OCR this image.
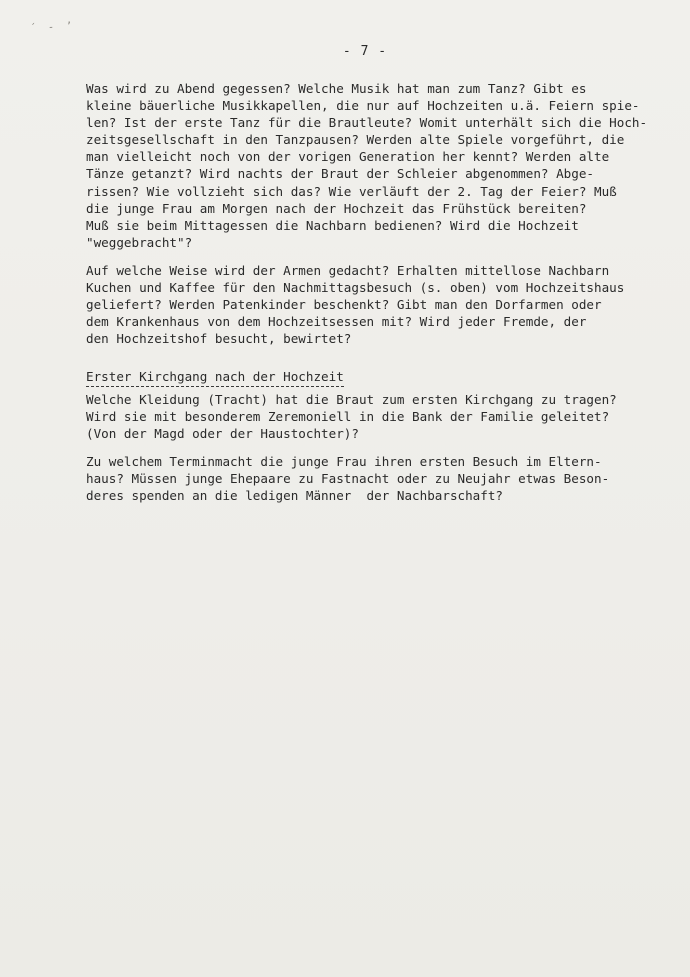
´ - ʼ
- 7 -
Was wird zu Abend gegessen? Welche Musik hat man zum Tanz? Gibt es
kleine bäuerliche Musikkapellen, die nur auf Hochzeiten u.ä. Feiern spie-
len? Ist der erste Tanz für die Brautleute? Womit unterhält sich die Hoch-
zeitsgesellschaft in den Tanzpausen? Werden alte Spiele vorgeführt, die
man vielleicht noch von der vorigen Generation her kennt? Werden alte
Tänze getanzt? Wird nachts der Braut der Schleier abgenommen? Abge-
rissen? Wie vollzieht sich das? Wie verläuft der 2. Tag der Feier? Muß
die junge Frau am Morgen nach der Hochzeit das Frühstück bereiten?
Muß sie beim Mittagessen die Nachbarn bedienen? Wird die Hochzeit
"weggebracht"?
Auf welche Weise wird der Armen gedacht? Erhalten mittellose Nachbarn
Kuchen und Kaffee für den Nachmittagsbesuch (s. oben) vom Hochzeitshaus
geliefert? Werden Patenkinder beschenkt? Gibt man den Dorfarmen oder
dem Krankenhaus von dem Hochzeitsessen mit? Wird jeder Fremde, der
den Hochzeitshof besucht, bewirtet?
Erster Kirchgang nach der Hochzeit
Welche Kleidung (Tracht) hat die Braut zum ersten Kirchgang zu tragen?
Wird sie mit besonderem Zeremoniell in die Bank der Familie geleitet?
(Von der Magd oder der Haustochter)?
Zu welchem Terminmacht die junge Frau ihren ersten Besuch im Eltern-
haus? Müssen junge Ehepaare zu Fastnacht oder zu Neujahr etwas Beson-
deres spenden an die ledigen Männer  der Nachbarschaft?
